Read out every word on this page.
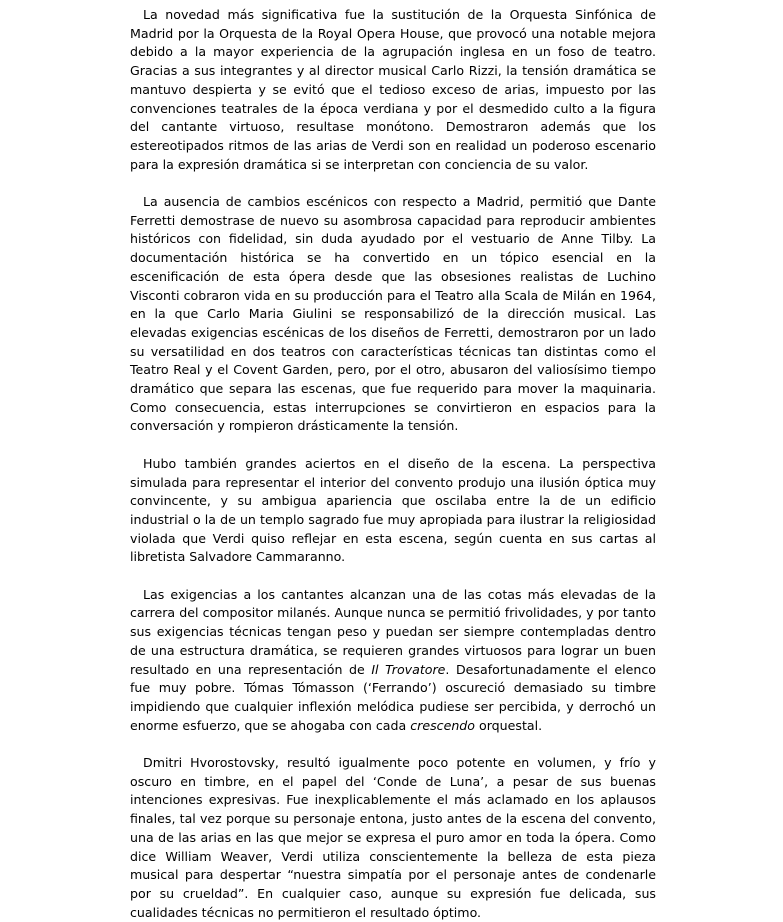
La novedad más significativa fue la sustitución de la Orquesta Sinfónica de Madrid por la Orquesta de la Royal Opera House, que provocó una notable mejora debido a la mayor experiencia de la agrupación inglesa en un foso de teatro. Gracias a sus integrantes y al director musical Carlo Rizzi, la tensión dramática se mantuvo despierta y se evitó que el tedioso exceso de arias, impuesto por las convenciones teatrales de la época verdiana y por el desmedido culto a la figura del cantante virtuoso, resultase monótono. Demostraron además que los estereotipados ritmos de las arias de Verdi son en realidad un poderoso escenario para la expresión dramática si se interpretan con conciencia de su valor.

La ausencia de cambios escénicos con respecto a Madrid, permitió que Dante Ferretti demostrase de nuevo su asombrosa capacidad para reproducir ambientes históricos con fidelidad, sin duda ayudado por el vestuario de Anne Tilby. La documentación histórica se ha convertido en un tópico esencial en la escenificación de esta ópera desde que las obsesiones realistas de Luchino Visconti cobraron vida en su producción para el Teatro alla Scala de Milán en 1964, en la que Carlo Maria Giulini se responsabilizó de la dirección musical. Las elevadas exigencias escénicas de los diseños de Ferretti, demostraron por un lado su versatilidad en dos teatros con características técnicas tan distintas como el Teatro Real y el Covent Garden, pero, por el otro, abusaron del valiosísimo tiempo dramático que separa las escenas, que fue requerido para mover la maquinaria. Como consecuencia, estas interrupciones se convirtieron en espacios para la conversación y rompieron drásticamente la tensión.

Hubo también grandes aciertos en el diseño de la escena. La perspectiva simulada para representar el interior del convento produjo una ilusión óptica muy convincente, y su ambigua apariencia que oscilaba entre la de un edificio industrial o la de un templo sagrado fue muy apropiada para ilustrar la religiosidad violada que Verdi quiso reflejar en esta escena, según cuenta en sus cartas al libretista Salvadore Cammaranno.

Las exigencias a los cantantes alcanzan una de las cotas más elevadas de la carrera del compositor milanés. Aunque nunca se permitió frivolidades, y por tanto sus exigencias técnicas tengan peso y puedan ser siempre contempladas dentro de una estructura dramática, se requieren grandes virtuosos para lograr un buen resultado en una representación de Il Trovatore. Desafortunadamente el elenco fue muy pobre. Tómas Tómasson (‘Ferrando’) oscureció demasiado su timbre impidiendo que cualquier inflexión melódica pudiese ser percibida, y derrochó un enorme esfuerzo, que se ahogaba con cada crescendo orquestal.

Dmitri Hvorostovsky, resultó igualmente poco potente en volumen, y frío y oscuro en timbre, en el papel del ‘Conde de Luna’, a pesar de sus buenas intenciones expresivas. Fue inexplicablemente el más aclamado en los aplausos finales, tal vez porque su personaje entona, justo antes de la escena del convento, una de las arias en las que mejor se expresa el puro amor en toda la ópera. Como dice William Weaver, Verdi utiliza conscientemente la belleza de esta pieza musical para despertar “nuestra simpatía por el personaje antes de condenarle por su crueldad”. En cualquier caso, aunque su expresión fue delicada, sus cualidades técnicas no permitieron el resultado óptimo.
